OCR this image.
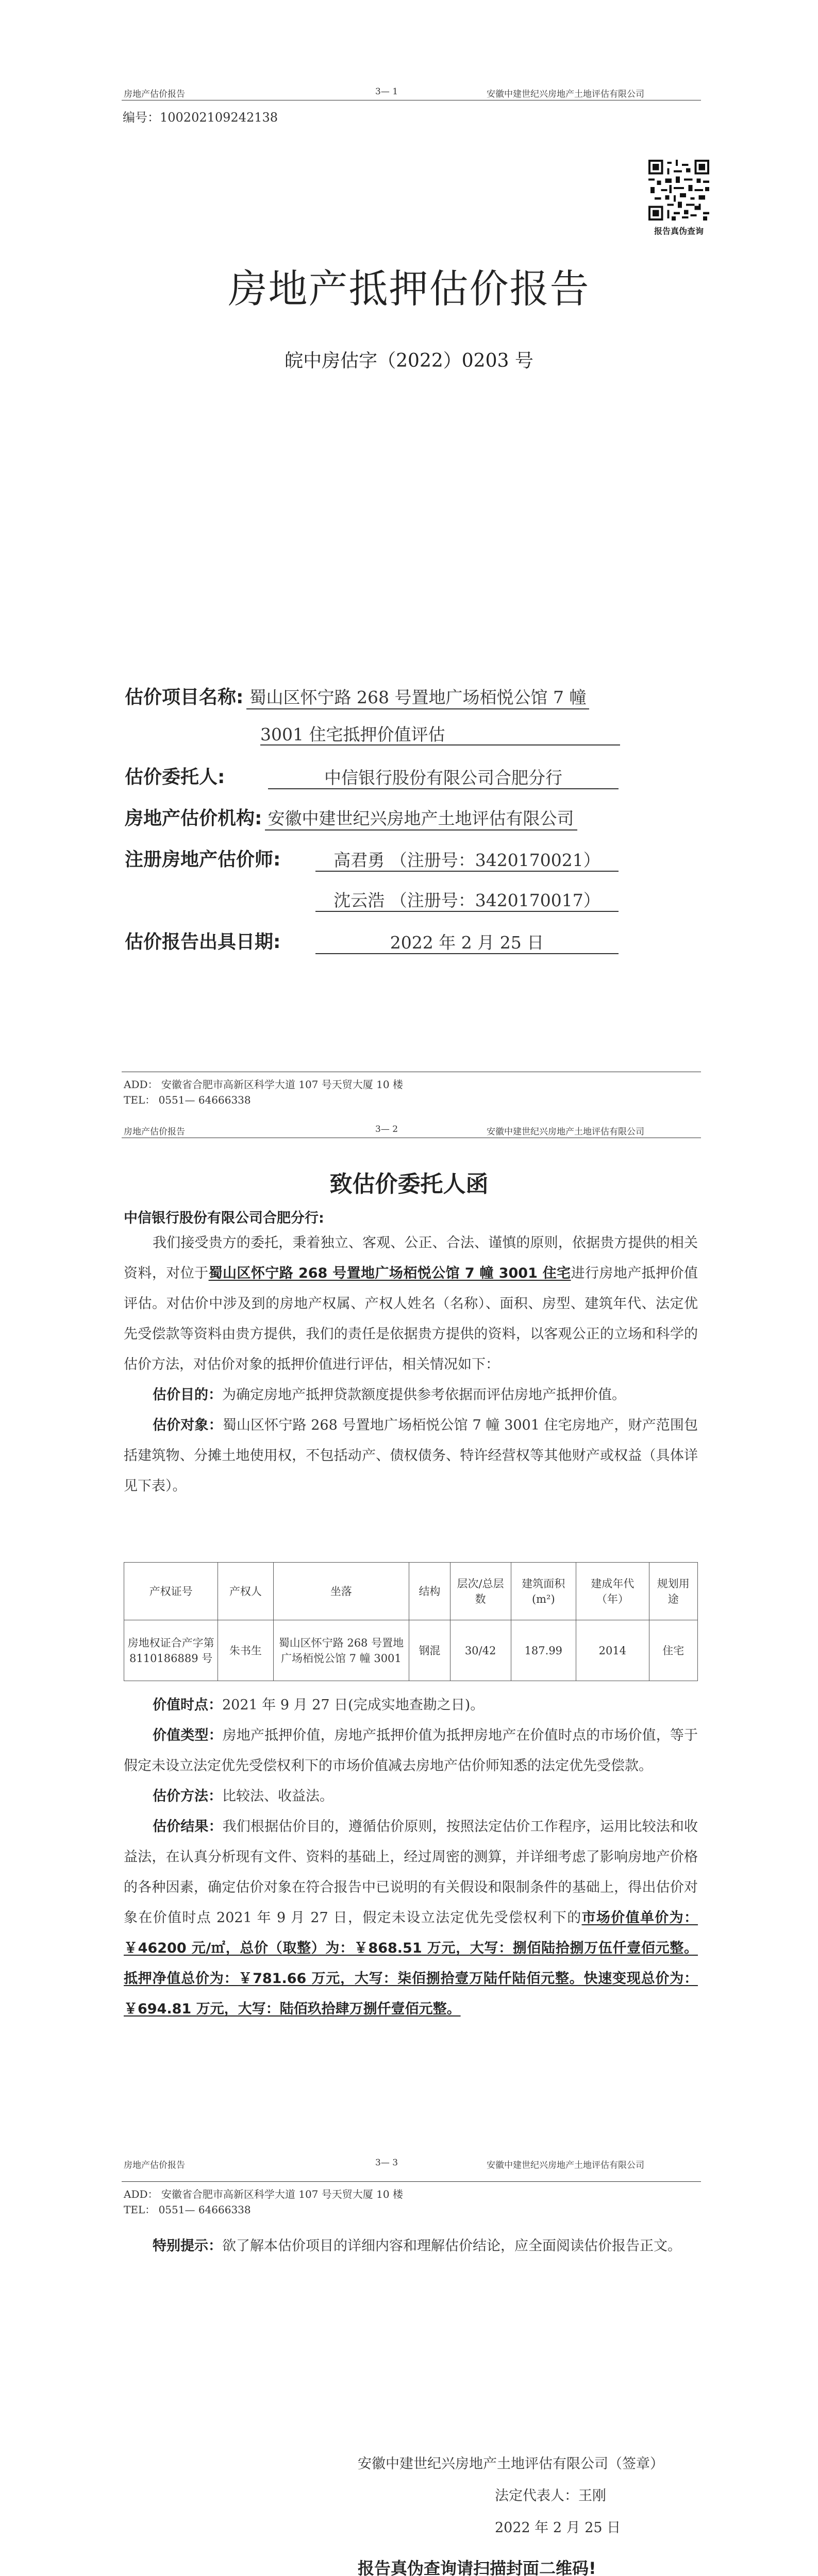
房地产估价报告	3— 1	安徽中建世纪兴房地产土地评估有限公司
编号：100202109242138
报告真伪查询
房地产抵押估价报告
皖中房估字（2022）0203 号
估价项目名称: 蜀山区怀宁路 268 号置地广场栢悦公馆 7 幢
3001 住宅抵押价值评估
估价委托人:	中信银行股份有限公司合肥分行
房地产估价机构: 安徽中建世纪兴房地产土地评估有限公司
注册房地产估价师:	高君勇 （注册号：3420170021）
沈云浩 （注册号：3420170017）
估价报告出具日期:	2022 年 2 月 25 日
ADD： 安徽省合肥市高新区科学大道 107 号天贸大厦 10 楼
TEL： 0551— 64666338
房地产估价报告	3— 2	安徽中建世纪兴房地产土地评估有限公司
致估价委托人函
中信银行股份有限公司合肥分行:

我们接受贵方的委托，秉着独立、客观、公正、合法、谨慎的原则，依据贵方提供的相关资料，对位于蜀山区怀宁路 268 号置地广场栢悦公馆 7 幢 3001 住宅进行房地产抵押价值评估。对估价中涉及到的房地产权属、产权人姓名（名称）、面积、房型、建筑年代、法定优先受偿款等资料由贵方提供，我们的责任是依据贵方提供的资料，以客观公正的立场和科学的估价方法，对估价对象的抵押价值进行评估，相关情况如下：

估价目的：为确定房地产抵押贷款额度提供参考依据而评估房地产抵押价值。

估价对象：蜀山区怀宁路 268 号置地广场栢悦公馆 7 幢 3001 住宅房地产，财产范围包括建筑物、分摊土地使用权，不包括动产、债权债务、特许经营权等其他财产或权益（具体详见下表）。

产权证号	产权人	坐落	结构	层次/总层数	建筑面积(m²)	建成年代（年）	规划用途
房地权证合产字第 8110186889 号	朱书生	蜀山区怀宁路 268 号置地广场栢悦公馆 7 幢 3001	钢混	30/42	187.99	2014	住宅

价值时点：2021 年 9 月 27 日(完成实地查勘之日)。

价值类型：房地产抵押价值，房地产抵押价值为抵押房地产在价值时点的市场价值，等于假定未设立法定优先受偿权利下的市场价值减去房地产估价师知悉的法定优先受偿款。

估价方法：比较法、收益法。

估价结果：我们根据估价目的，遵循估价原则，按照法定估价工作程序，运用比较法和收益法，在认真分析现有文件、资料的基础上，经过周密的测算，并详细考虑了影响房地产价格的各种因素，确定估价对象在符合报告中已说明的有关假设和限制条件的基础上，得出估价对象在价值时点 2021 年 9 月 27 日，假定未设立法定优先受偿权利下的市场价值单价为：￥46200 元/㎡，总价（取整）为：￥868.51 万元，大写：捌佰陆拾捌万伍仟壹佰元整。抵押净值总价为：￥781.66 万元，大写：柒佰捌拾壹万陆仟陆佰元整。快速变现总价为：￥694.81 万元，大写：陆佰玖拾肆万捌仟壹佰元整。

ADD： 安徽省合肥市高新区科学大道 107 号天贸大厦 10 楼
TEL： 0551— 64666338
房地产估价报告	3— 3	安徽中建世纪兴房地产土地评估有限公司

特别提示：欲了解本估价项目的详细内容和理解估价结论，应全面阅读估价报告正文。

安徽中建世纪兴房地产土地评估有限公司（签章）
法定代表人：王刚
2022 年 2 月 25 日
报告真伪查询请扫描封面二维码!
